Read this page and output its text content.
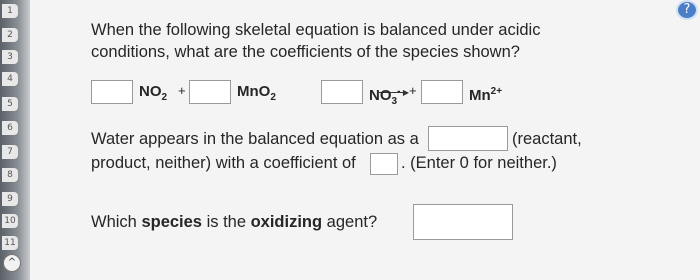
1
2
3
4
5
6
7
8
9
10
11
^
?
When the following skeletal equation is balanced under acidic
conditions, what are the coefficients of the species shown?
$NO_2$ +	MnO$_2$	▶
$NO_3^-$ +	$Mn^{2+}$
Water appears in the balanced equation as a	(reactant,
product, neither) with a coefficient of	. (Enter 0 for neither.)
Which species is the oxidizing agent?
